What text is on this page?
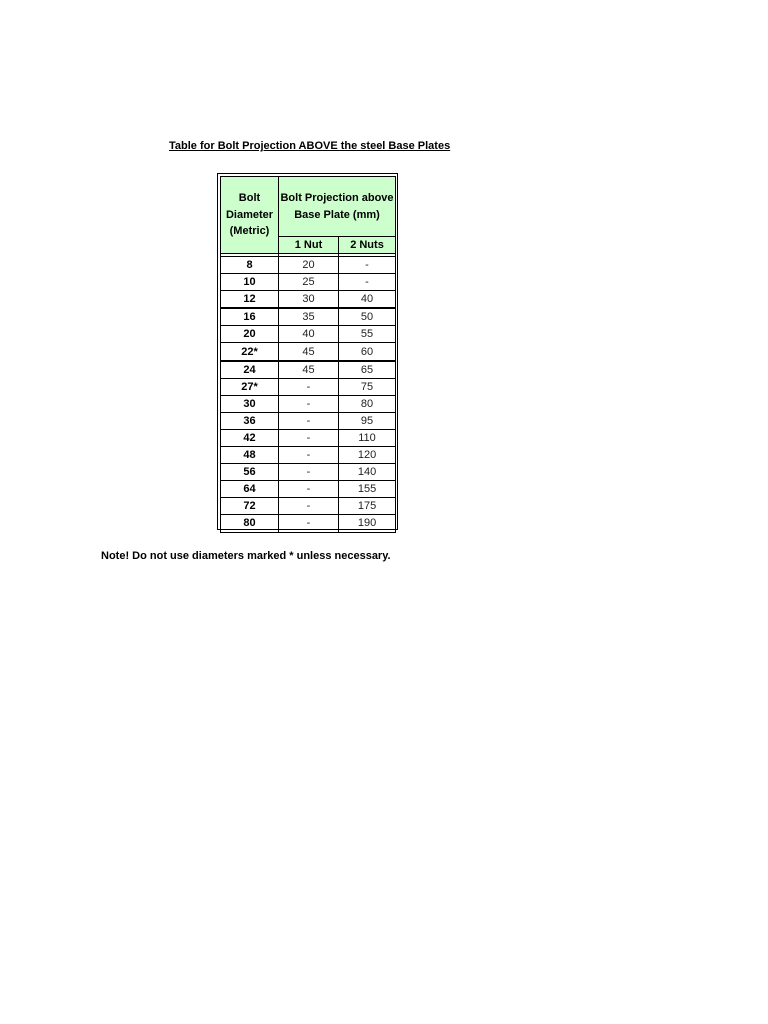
Table for Bolt Projection ABOVE the steel Base Plates
Bolt
Diameter
(Metric)	Bolt Projection above
Base Plate (mm)	
	1 Nut	2 Nuts

8	20	-
10	25	-
12	30	40
16	35	50
20	40	55
22*	45	60
24	45	65
27*	-	75
30	-	80
36	-	95
42	-	110
48	-	120
56	-	140
64	-	155
72	-	175
80	-	190
Note! Do not use diameters marked * unless necessary.
